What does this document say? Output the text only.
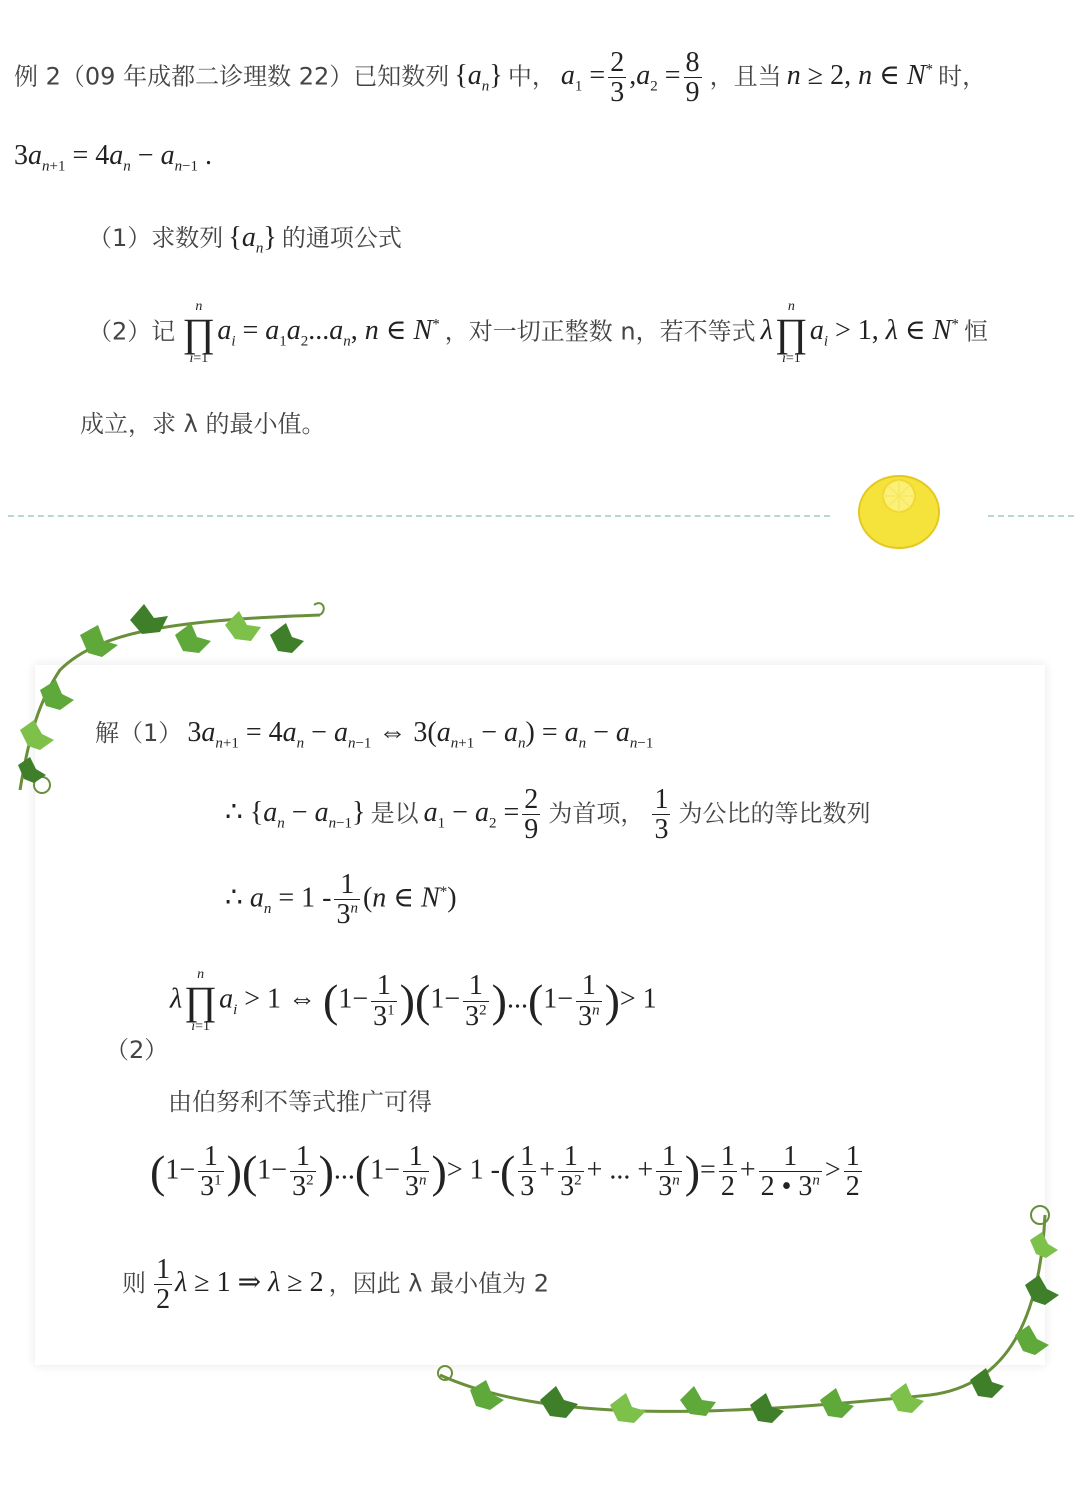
例 2（09 年成都二诊理数 22）已知数列 $\{a_n\}$ 中， $a_1 = \frac{2}{3} ,a_2 = \frac{8}{9}$ ，且当 n ≥ 2, n ∈ N* 时，
$3a_{n+1} = 4a_n - a_{n-1}$ .
（1）求数列 $\{a_n\}$ 的通项公式
（2）记
n
∏
i=1
$a_i = a_1a_2...a_n$, n ∈ N* ，对一切正整数 n，若不等式 λ
n
∏
i=1
$a_i > 1$, λ ∈ N* 恒
成立，求 λ 的最小值。
解（1） $3a_{n+1} = 4a_n - a_{n-1}$ ⇔ $3(a_{n+1} - a_n) = a_n - a_{n-1}$
∴ $\{a_n - a_{n-1}\}$ 是以 $a_1 - a_2 = \frac{2}{9}$ 为首项， $\frac{1}{3}$ 为公比的等比数列
∴ $a_n = 1 - \frac{1}{3^n} (n$ ∈ N*)
（2）
λ
n
∏
i=1
$a_i > 1$ ⇔ $(1- \frac{1}{3^1} )(1- \frac{1}{3^2} )...(1- \frac{1}{3^n}$ )> 1
由伯努利不等式推广可得
$(1- \frac{1}{3^1} )(1- \frac{1}{3^2} )...(1- \frac{1}{3^n}$ )> 1 -( $\frac{1}{3} + \frac{1}{3^2}$ + ... + $\frac{1}{3^n}$ )= $\frac{1}{2} + \frac{1}{2 • 3^n} > \frac{1}{2}$
则 $\frac{1}{2}$ λ ≥ 1 ⇒ λ ≥ 2 ，因此 λ 最小值为 2
